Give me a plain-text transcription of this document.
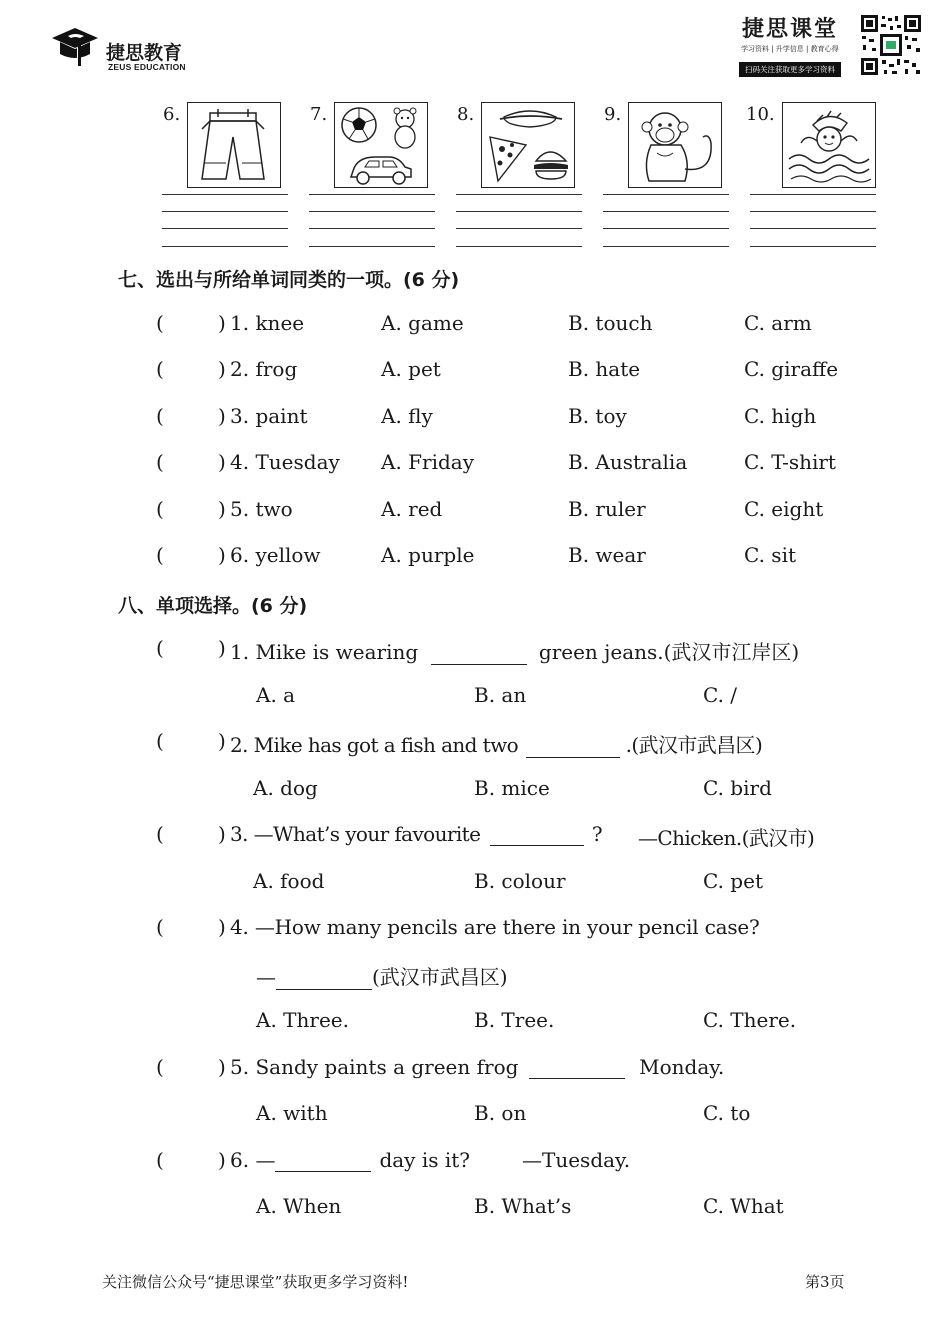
捷思教育
ZEUS EDUCATION
捷思课堂
学习资料 | 升学信息 | 教育心得
扫码关注获取更多学习资料
6.	7.	8.	9.	10.
七、选出与所给单词同类的一项。(6 分)
(	) 1. knee	A. game	B. touch	C. arm
(	) 2. frog	A. pet	B. hate	C. giraffe
(	) 3. paint	A. fly	B. toy	C. high
(	) 4. Tuesday A. Friday	B. Australia	C. T-shirt
(	) 5. two	A. red	B. ruler	C. eight
(	) 6. yellow	A. purple	B. wear	C. sit
八、单项选择。(6 分)
(	) 1. Mike is wearing	green jeans.(武汉市江岸区)
A. a	B. an	C. /
(	) 2. Mike has got a fish and two	.(武汉市武昌区)
A. dog	B. mice	C. bird
(	) 3. —What’s your favourite	? —Chicken.(武汉市)
A. food	B. colour	C. pet
(	) 4. —How many pencils are there in your pencil case?
—	(武汉市武昌区)
A. Three.	B. Tree.	C. There.
(	) 5. Sandy paints a green frog	Monday.
A. with	B. on	C. to
(	) 6. —	day is it?	—Tuesday.
A. When	B. What’s	C. What
关注微信公众号“捷思课堂”获取更多学习资料!	第3页
